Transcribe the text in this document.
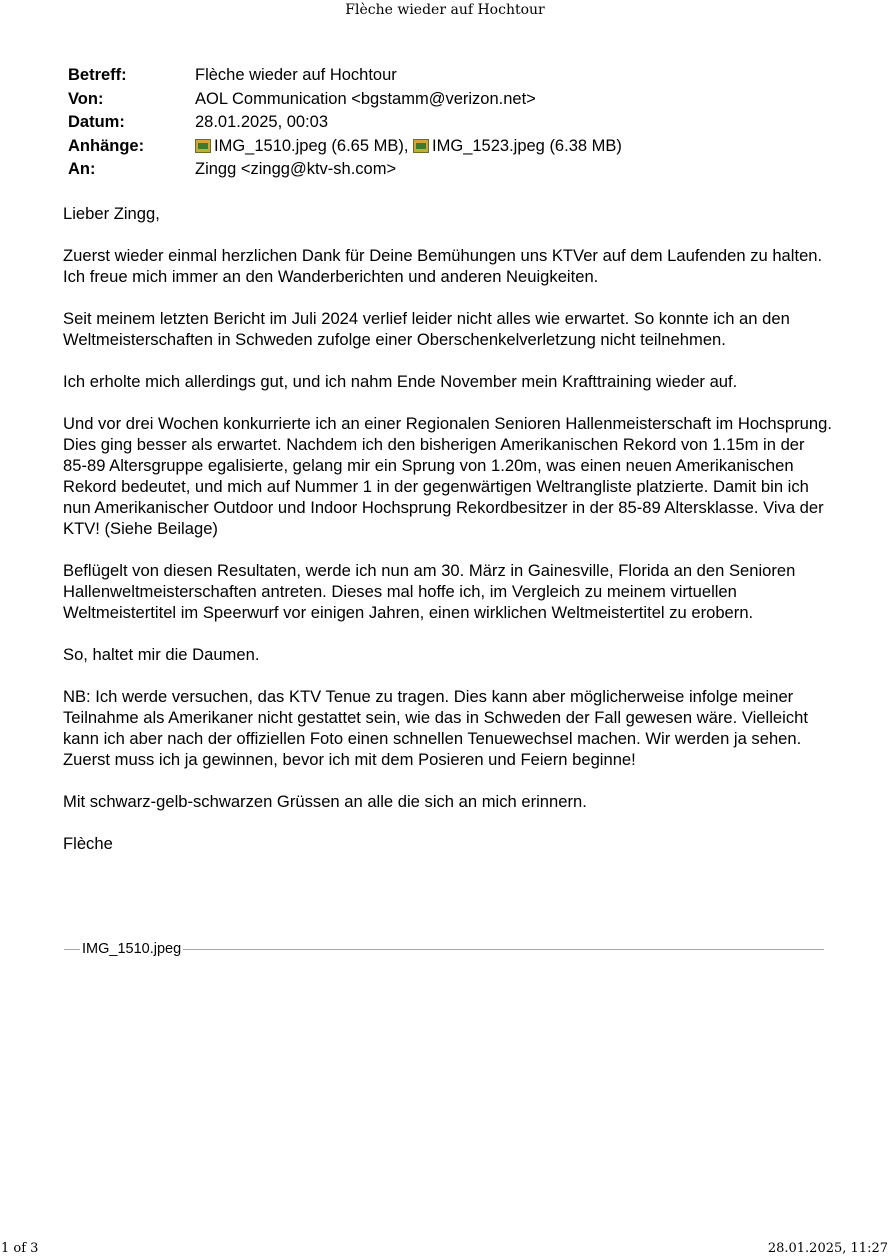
Flèche wieder auf Hochtour
Betreff:	Flèche wieder auf Hochtour
Von:	AOL Communication <bgstamm@verizon.net>
Datum:	28.01.2025, 00:03
Anhänge:	IMG_1510.jpeg (6.65 MB), IMG_1523.jpeg (6.38 MB)
An:	Zingg <zingg@ktv-sh.com>

Lieber Zingg,

Zuerst wieder einmal herzlichen Dank für Deine Bemühungen uns KTVer auf dem Laufenden zu halten.
Ich freue mich immer an den Wanderberichten und anderen Neuigkeiten.

Seit meinem letzten Bericht im Juli 2024 verlief leider nicht alles wie erwartet. So konnte ich an den Weltmeisterschaften in Schweden zufolge einer Oberschenkelverletzung nicht teilnehmen.

Ich erholte mich allerdings gut, und ich nahm Ende November mein Krafttraining wieder auf.

Und vor drei Wochen konkurrierte ich an einer Regionalen Senioren Hallenmeisterschaft im Hochsprung. Dies ging besser als erwartet. Nachdem ich den bisherigen Amerikanischen Rekord von 1.15m in der 85-89 Altersgruppe egalisierte, gelang mir ein Sprung von 1.20m, was einen neuen Amerikanischen Rekord bedeutet, und mich auf Nummer 1 in der gegenwärtigen Weltrangliste platzierte. Damit bin ich nun Amerikanischer Outdoor und Indoor Hochsprung Rekordbesitzer in der 85-89 Altersklasse. Viva der KTV! (Siehe Beilage)

Beflügelt von diesen Resultaten, werde ich nun am 30. März in Gainesville, Florida an den Senioren Hallenweltmeisterschaften antreten. Dieses mal hoffe ich, im Vergleich zu meinem virtuellen Weltmeistertitel im Speerwurf vor einigen Jahren, einen wirklichen Weltmeistertitel zu erobern.

So, haltet mir die Daumen.

NB: Ich werde versuchen, das KTV Tenue zu tragen. Dies kann aber möglicherweise infolge meiner Teilnahme als Amerikaner nicht gestattet sein, wie das in Schweden der Fall gewesen wäre. Vielleicht kann ich aber nach der offiziellen Foto einen schnellen Tenuewechsel machen. Wir werden ja sehen. Zuerst muss ich ja gewinnen, bevor ich mit dem Posieren und Feiern beginne!

Mit schwarz-gelb-schwarzen Grüssen an alle die sich an mich erinnern.

Flèche

IMG_1510.jpeg
1 of 3	28.01.2025, 11:27
